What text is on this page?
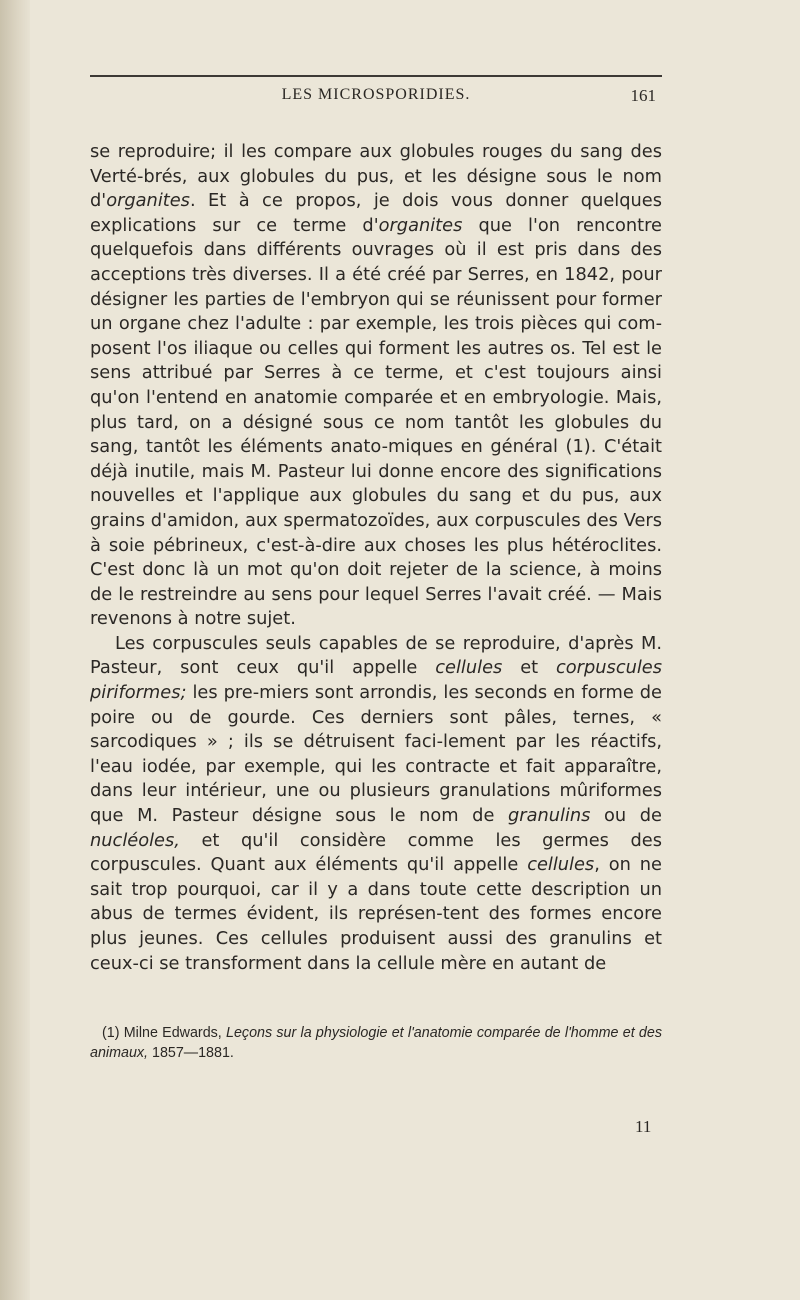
LES MICROSPORIDIES.	161

se reproduire; il les compare aux globules rouges du sang des Verté-brés, aux globules du pus, et les désigne sous le nom d'organites. Et à ce propos, je dois vous donner quelques explications sur ce terme d'organites que l'on rencontre quelquefois dans différents ouvrages où il est pris dans des acceptions très diverses. Il a été créé par Serres, en 1842, pour désigner les parties de l'embryon qui se réunissent pour former un organe chez l'adulte : par exemple, les trois pièces qui com-posent l'os iliaque ou celles qui forment les autres os. Tel est le sens attribué par Serres à ce terme, et c'est toujours ainsi qu'on l'entend en anatomie comparée et en embryologie. Mais, plus tard, on a désigné sous ce nom tantôt les globules du sang, tantôt les éléments anato-miques en général (1). C'était déjà inutile, mais M. Pasteur lui donne encore des significations nouvelles et l'applique aux globules du sang et du pus, aux grains d'amidon, aux spermatozoïdes, aux corpuscules des Vers à soie pébrineux, c'est-à-dire aux choses les plus hétéroclites. C'est donc là un mot qu'on doit rejeter de la science, à moins de le restreindre au sens pour lequel Serres l'avait créé. — Mais revenons à notre sujet.

Les corpuscules seuls capables de se reproduire, d'après M. Pasteur, sont ceux qu'il appelle cellules et corpuscules piriformes; les pre-miers sont arrondis, les seconds en forme de poire ou de gourde. Ces derniers sont pâles, ternes, « sarcodiques » ; ils se détruisent faci-lement par les réactifs, l'eau iodée, par exemple, qui les contracte et fait apparaître, dans leur intérieur, une ou plusieurs granulations mûriformes que M. Pasteur désigne sous le nom de granulins ou de nucléoles, et qu'il considère comme les germes des corpuscules. Quant aux éléments qu'il appelle cellules, on ne sait trop pourquoi, car il y a dans toute cette description un abus de termes évident, ils représen-tent des formes encore plus jeunes. Ces cellules produisent aussi des granulins et ceux-ci se transforment dans la cellule mère en autant de

(1) Milne Edwards, Leçons sur la physiologie et l'anatomie comparée de l'homme et des animaux, 1857—1881.

11
